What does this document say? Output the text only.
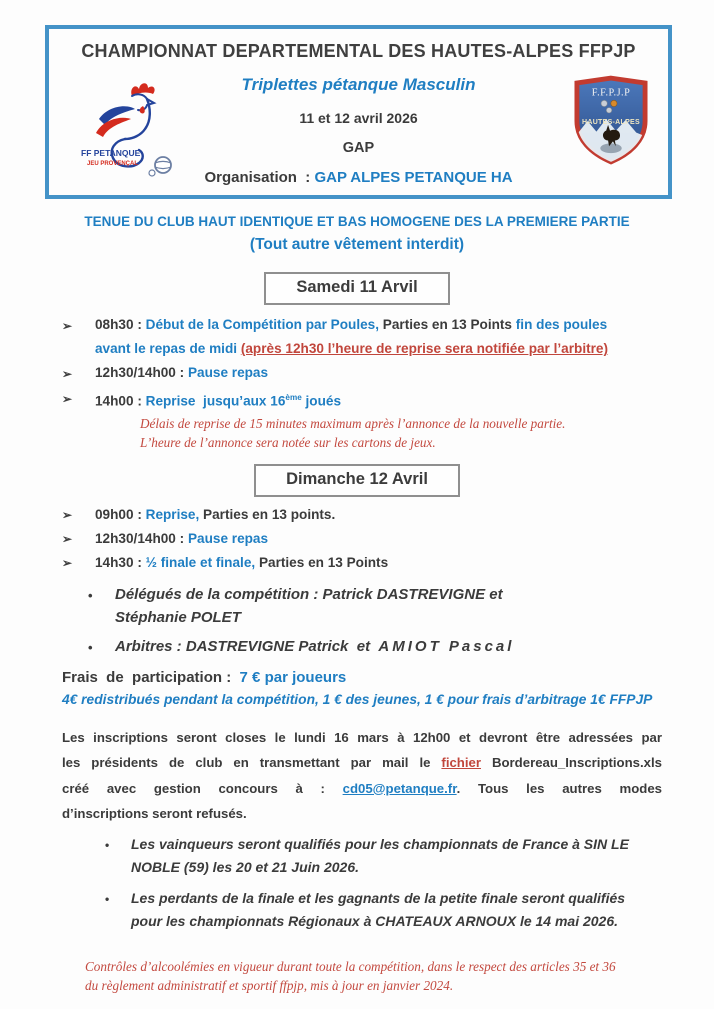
CHAMPIONNAT DEPARTEMENTAL DES HAUTES-ALPES FFPJP
Triplettes pétanque Masculin
11 et 12 avril 2026
GAP
Organisation  : GAP ALPES PETANQUE HA
FF PETANQUE
JEU PROVENÇAL
F.F.P.J.P
HAUTES-ALPES
TENUE DU CLUB HAUT IDENTIQUE ET BAS HOMOGENE DES LA PREMIERE PARTIE
(Tout autre vêtement interdit)
Samedi 11 Arvil
➢	08h30 : Début de la Compétition par Poules, Parties en 13 Points fin des poules
avant le repas de midi (après 12h30 l’heure de reprise sera notifiée par l’arbitre)
➢	12h30/14h00 : Pause repas
➢	14h00 : Reprise  jusqu’aux 16ème joués
Délais de reprise de 15 minutes maximum après l’annonce de la nouvelle partie.
L’heure de l’annonce sera notée sur les cartons de jeux.
Dimanche 12 Avril
➢	09h00 : Reprise, Parties en 13 points.
➢	12h30/14h00 : Pause repas
➢	14h30 : ½ finale et finale, Parties en 13 Points
•	Délégués de la compétition : Patrick DASTREVIGNE et
Stéphanie POLET
•	Arbitres : DASTREVIGNE Patrick  et  AMIOT Pascal
Frais  de  participation :  7 € par joueurs
4€ redistribués pendant la compétition, 1 € des jeunes, 1 € pour frais d’arbitrage 1€ FFPJP
Les inscriptions seront closes le lundi 16 mars à 12h00 et devront être adressées par
les présidents de club en transmettant par mail le fichier Bordereau_Inscriptions.xls
créé avec gestion concours à : cd05@petanque.fr. Tous les autres modes
d’inscriptions seront refusés.
•	Les vainqueurs seront qualifiés pour les championnats de France à SIN LE
NOBLE (59) les 20 et 21 Juin 2026.
•	Les perdants de la finale et les gagnants de la petite finale seront qualifiés
pour les championnats Régionaux à CHATEAUX ARNOUX le 14 mai 2026.
Contrôles d’alcoolémies en vigueur durant toute la compétition, dans le respect des articles 35 et 36
du règlement administratif et sportif ffpjp, mis à jour en janvier 2024.
